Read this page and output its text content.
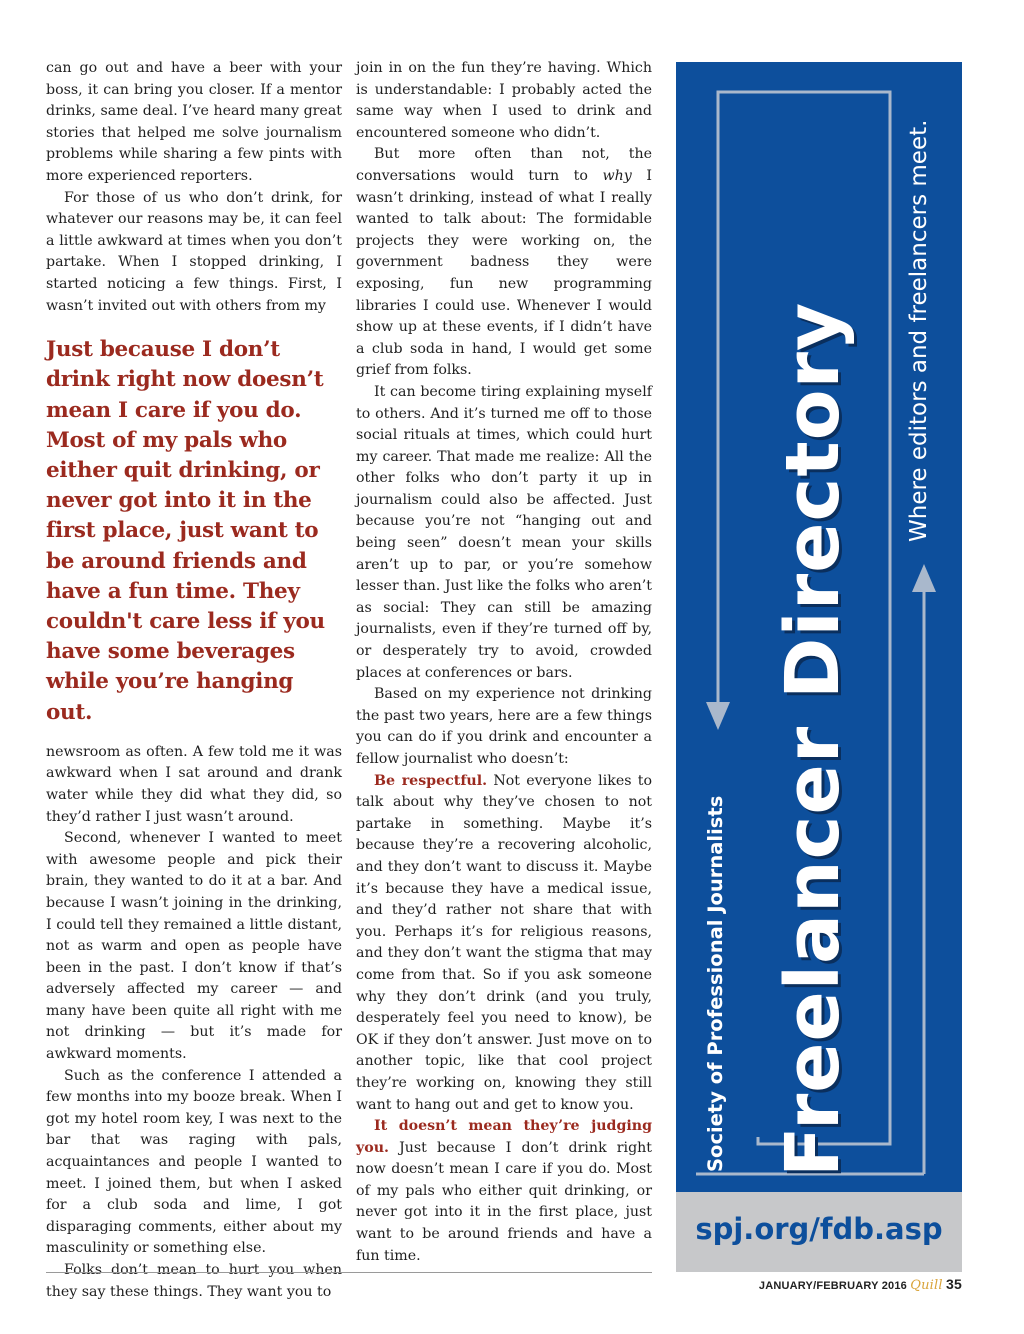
can go out and have a beer with your boss, it can bring you closer. If a mentor drinks, same deal. I’ve heard many great stories that helped me solve journalism problems while sharing a few pints with more experienced reporters.

For those of us who don’t drink, for whatever our reasons may be, it can feel a little awkward at times when you don’t partake. When I stopped drinking, I started noticing a few things. First, I wasn’t invited out with others from my

Just because I don’t drink right now doesn’t mean I care if you do. Most of my pals who either quit drinking, or never got into it in the first place, just want to be around friends and have a fun time. They couldn't care less if you have some beverages while you’re hanging out.

newsroom as often. A few told me it was awkward when I sat around and drank water while they did what they did, so they’d rather I just wasn’t around.

Second, whenever I wanted to meet with awesome people and pick their brain, they wanted to do it at a bar. And because I wasn’t joining in the drinking, I could tell they remained a little distant, not as warm and open as people have been in the past. I don’t know if that’s adversely affected my career — and many have been quite all right with me not drinking — but it’s made for awkward moments.

Such as the conference I attended a few months into my booze break. When I got my hotel room key, I was next to the bar that was raging with pals, acquaintances and people I wanted to meet. I joined them, but when I asked for a club soda and lime, I got disparaging comments, either about my masculinity or something else.

Folks don’t mean to hurt you when they say these things. They want you to

join in on the fun they’re having. Which is understandable: I probably acted the same way when I used to drink and encountered someone who didn’t.

But more often than not, the conversations would turn to why I wasn’t drinking, instead of what I really wanted to talk about: The formidable projects they were working on, the government badness they were exposing, fun new programming libraries I could use. Whenever I would show up at these events, if I didn’t have a club soda in hand, I would get some grief from folks.

It can become tiring explaining myself to others. And it’s turned me off to those social rituals at times, which could hurt my career. That made me realize: All the other folks who don’t party it up in journalism could also be affected. Just because you’re not “hanging out and being seen” doesn’t mean your skills aren’t up to par, or you’re somehow lesser than. Just like the folks who aren’t as social: They can still be amazing journalists, even if they’re turned off by, or desperately try to avoid, crowded places at conferences or bars.

Based on my experience not drinking the past two years, here are a few things you can do if you drink and encounter a fellow journalist who doesn’t:

Be respectful. Not everyone likes to talk about why they’ve chosen to not partake in something. Maybe it’s because they’re a recovering alcoholic, and they don’t want to discuss it. Maybe it’s because they have a medical issue, and they’d rather not share that with you. Perhaps it’s for religious reasons, and they don’t want the stigma that may come from that. So if you ask someone why they don’t drink (and you truly, desperately feel you need to know), be OK if they don’t answer. Just move on to another topic, like that cool project they’re working on, knowing they still want to hang out and get to know you.

It doesn’t mean they’re judging you. Just because I don’t drink right now doesn’t mean I care if you do. Most of my pals who either quit drinking, or never got into it in the first place, just want to be around friends and have a fun time.

Society of Professional Journalists Freelancer Directory Where editors and freelancers meet.
spj.org/fdb.asp
JANUARY/FEBRUARY 2016 Quill 35
